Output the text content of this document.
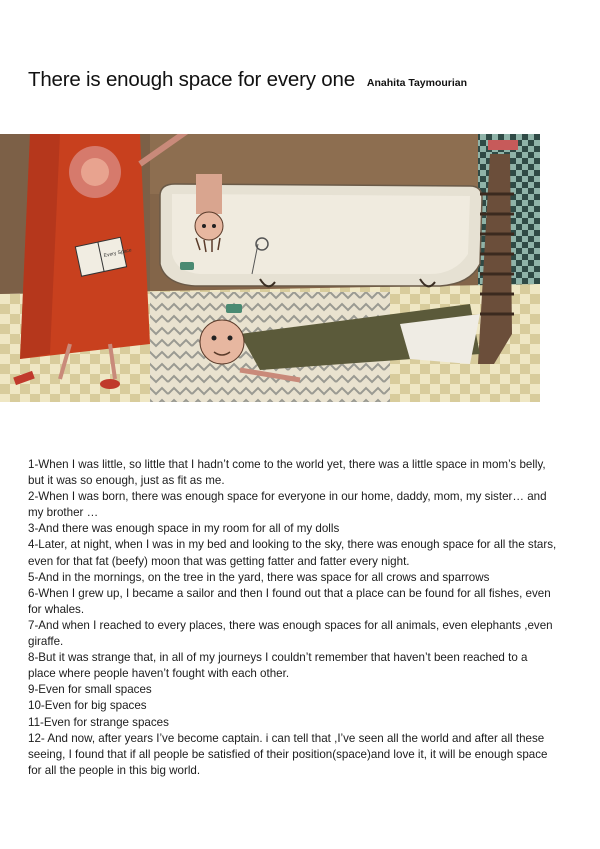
There is enough space for every one Anahita Taymourian
Every Space

1-When I was little, so little that I hadn’t come to the world yet, there was a little space in mom’s belly, but it was so enough, just as fit as me.

2-When I was born, there was enough space for everyone in our home, daddy, mom, my sister… and my brother …

3-And there was enough space in my room for all of my dolls

4-Later, at night, when I was in my bed and looking to the sky, there was enough space for all the stars, even for that fat (beefy) moon that was getting fatter and fatter every night.

5-And in the mornings, on the tree in the yard, there was space for all crows and sparrows

6-When I grew up, I became a sailor and then I found out that a place can be found for all fishes, even for whales.

7-And when I reached to every places, there was enough spaces for all animals, even elephants ,even giraffe.

8-But it was strange that, in all of my journeys I couldn’t remember that haven’t been reached to a place where people haven’t fought with each other.

9-Even for small spaces

10-Even for big spaces

11-Even for strange spaces

12- And now, after years I’ve become captain. i can tell that ,I’ve seen all the world and after all these seeing, I found that if all people be satisfied of their position(space)and love it, it will be enough space for all the people in this big world.
